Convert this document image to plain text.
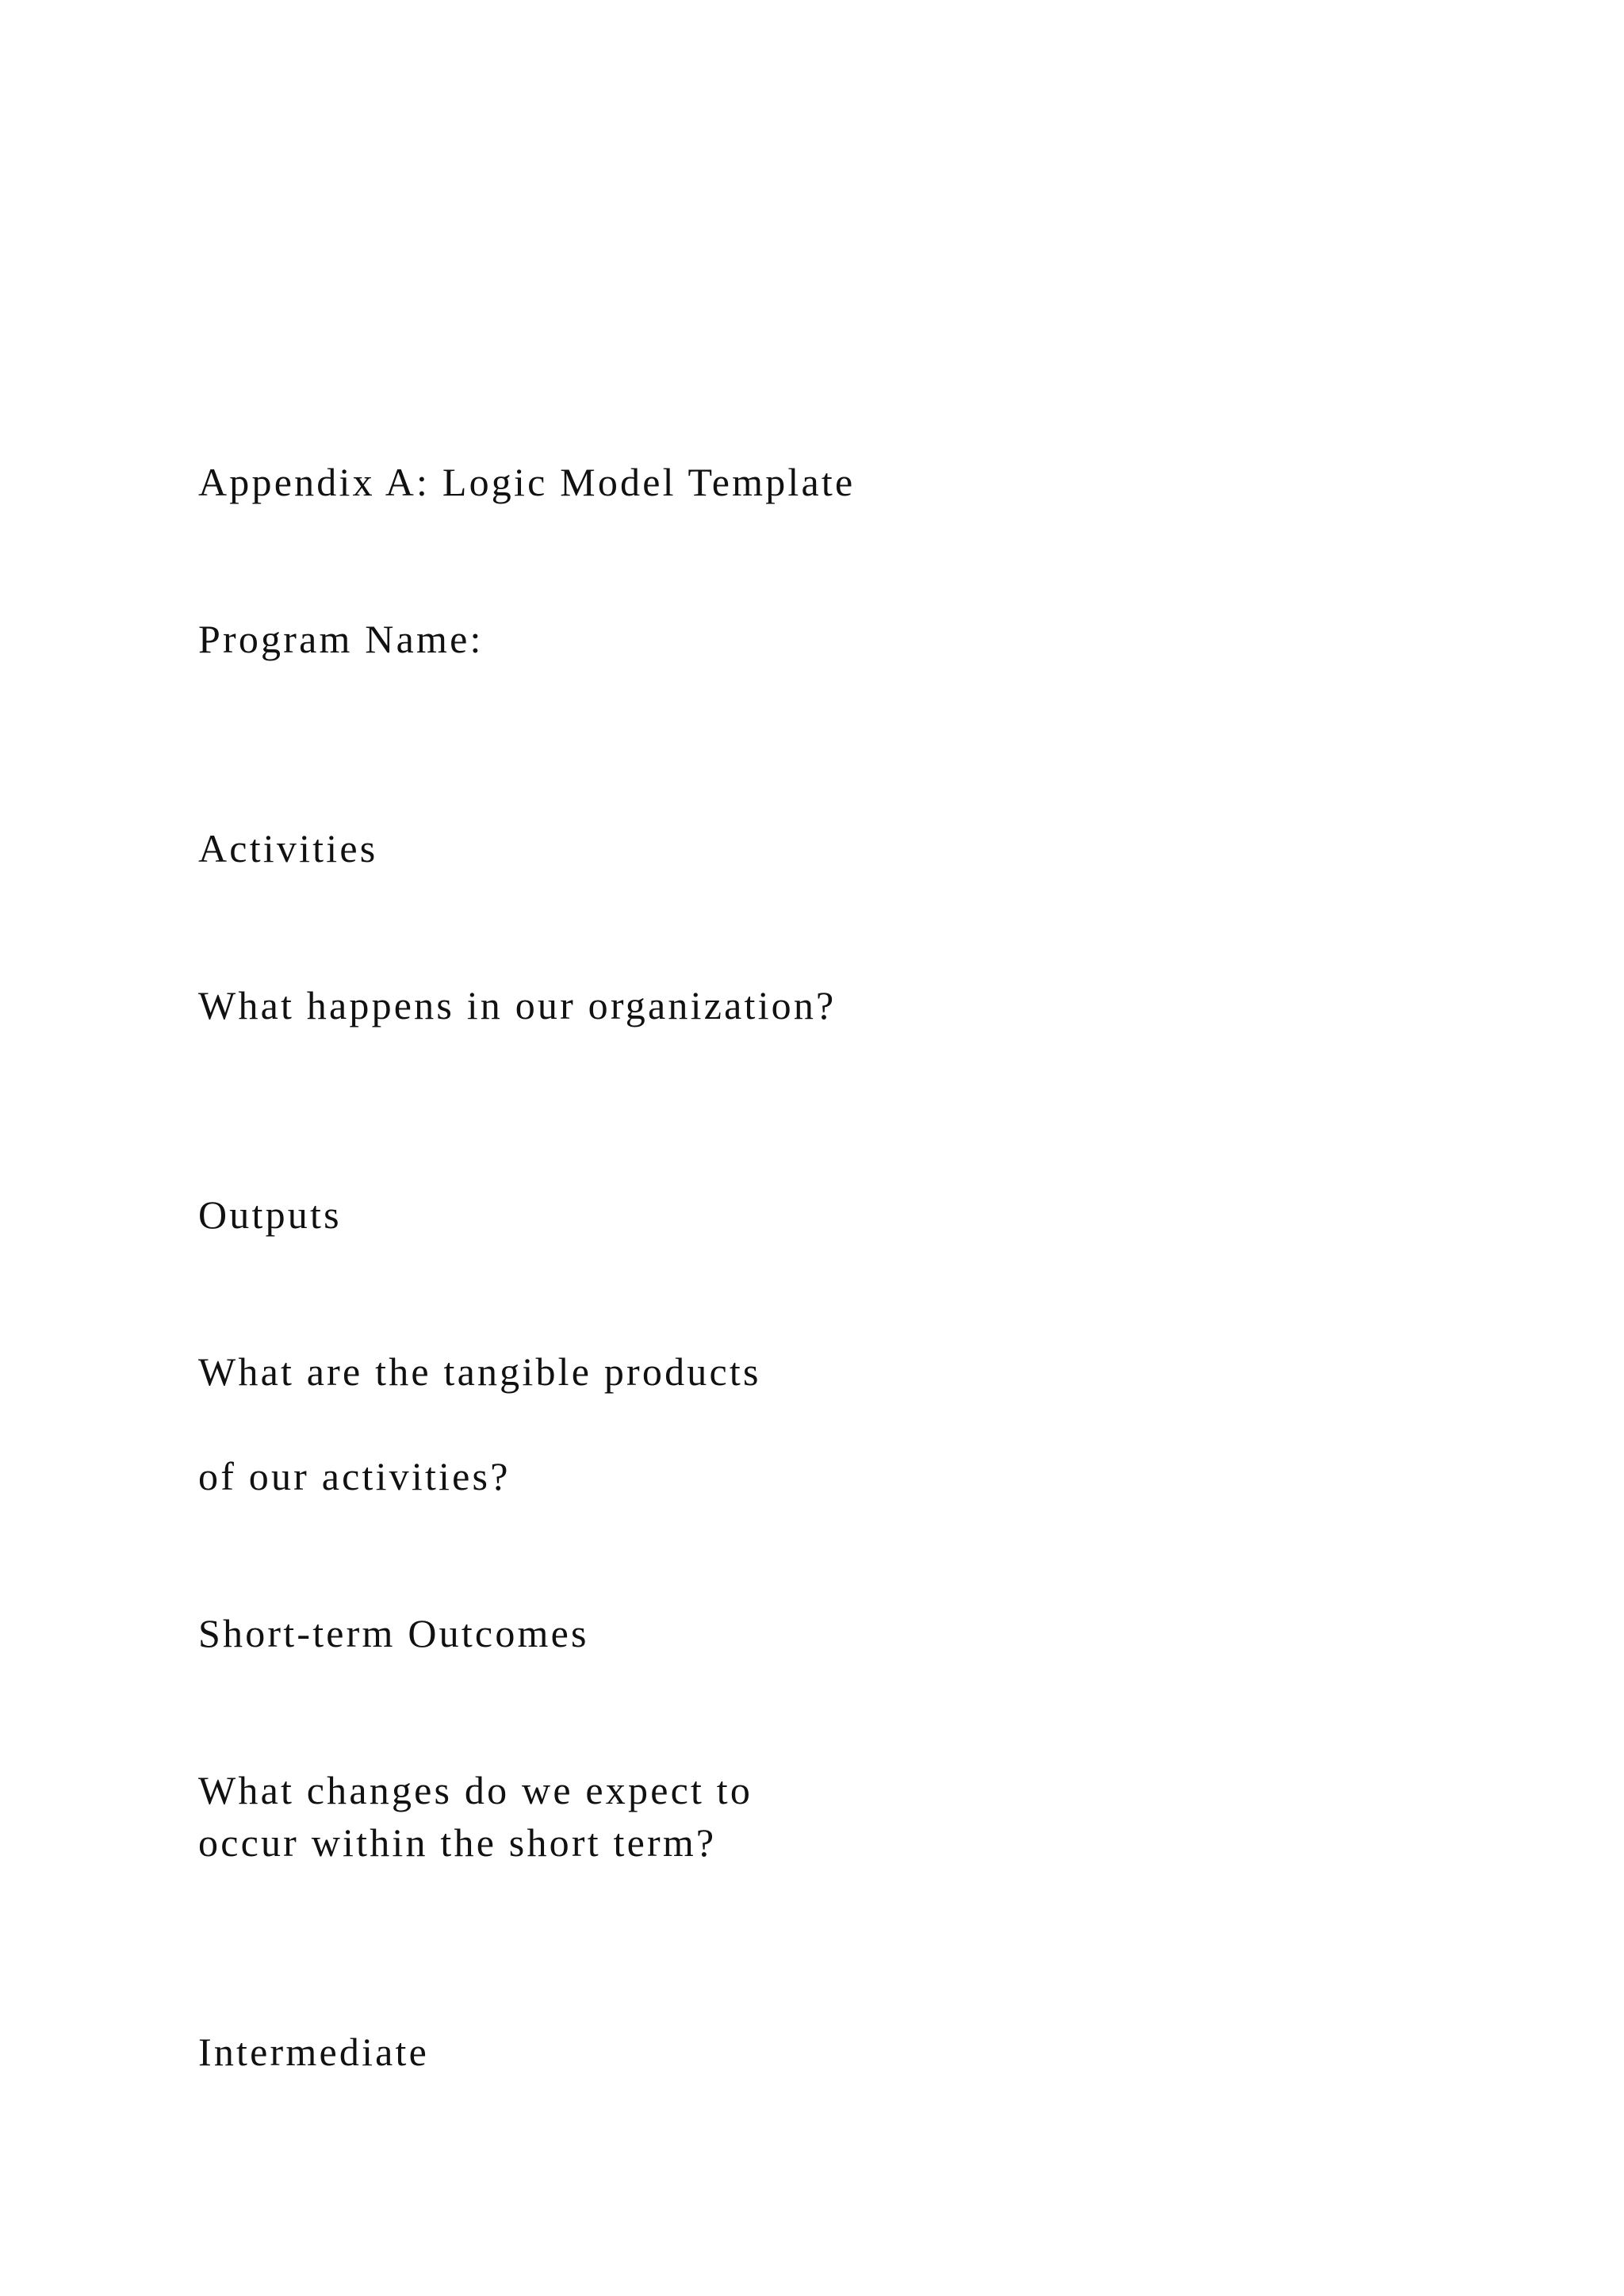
Appendix A: Logic Model Template

Program Name:

Activities

What happens in our organization?

Outputs

What are the tangible products

of our activities?

Short-term Outcomes

What changes do we expect to

occur within the short term?

Intermediate
